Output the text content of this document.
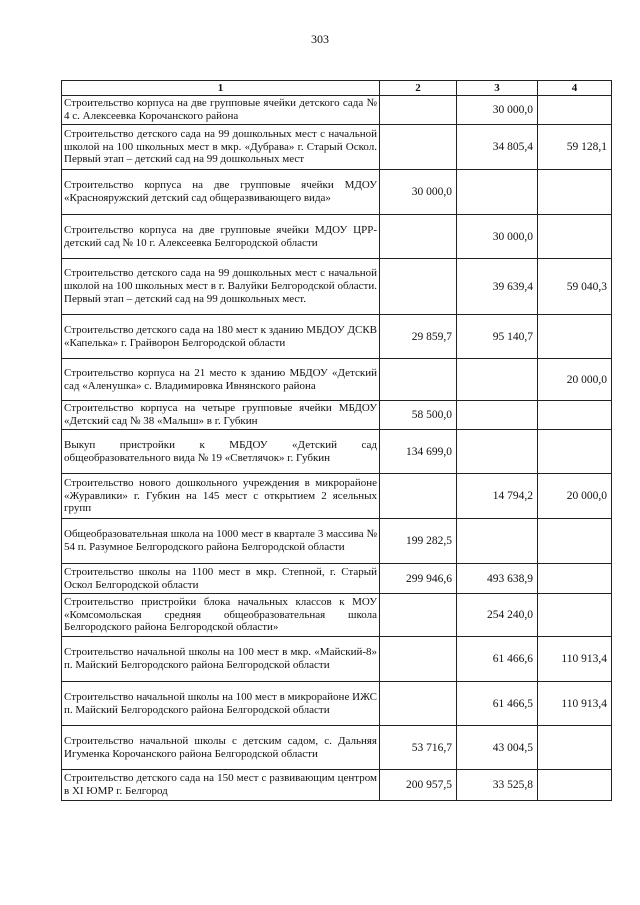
303
1	2	3	4
Строительство корпуса на две групповые ячейки детского сада № 4 с. Алексеевка Корочанского района		30 000,0	
Строительство детского сада на 99 дошкольных мест с начальной школой на 100 школьных мест в мкр. «Дубрава» г. Старый Оскол. Первый этап – детский сад на 99 дошкольных мест		34 805,4	59 128,1
Строительство корпуса на две групповые ячейки МДОУ «Краснояружский детский сад общеразвивающего вида»	30 000,0		
Строительство корпуса на две групповые ячейки МДОУ ЦРР-детский сад № 10 г. Алексеевка Белгородской области		30 000,0	
Строительство детского сада на 99 дошкольных мест с начальной школой на 100 школьных мест в г. Валуйки Белгородской области. Первый этап – детский сад на 99 дошкольных мест.		39 639,4	59 040,3
Строительство детского сада на 180 мест к зданию МБДОУ ДСКВ «Капелька» г. Грайворон Белгородской области	29 859,7	95 140,7	
Строительство корпуса на 21 место к зданию МБДОУ «Детский сад «Аленушка» с. Владимировка Ивнянского района			20 000,0
Строительство корпуса на четыре групповые ячейки МБДОУ «Детский сад № 38 «Малыш» в г. Губкин	58 500,0		
Выкуп пристройки к МБДОУ «Детский сад общеобразовательного вида № 19 «Светлячок» г. Губкин	134 699,0		
Строительство нового дошкольного учреждения в микрорайоне «Журавлики» г. Губкин на 145 мест с открытием 2 ясельных групп		14 794,2	20 000,0
Общеобразовательная школа на 1000 мест в квартале 3 массива № 54 п. Разумное Белгородского района Белгородской области	199 282,5		
Строительство школы на 1100 мест в мкр. Степной, г. Старый Оскол Белгородской области	299 946,6	493 638,9	
Строительство пристройки блока начальных классов к МОУ «Комсомольская средняя общеобразовательная школа Белгородского района Белгородской области»		254 240,0	
Строительство начальной школы на 100 мест в мкр. «Майский-8» п. Майский Белгородского района Белгородской области		61 466,6	110 913,4
Строительство начальной школы на 100 мест в микрорайоне ИЖС п. Майский Белгородского района Белгородской области		61 466,5	110 913,4
Строительство начальной школы с детским садом, с. Дальняя Игуменка Корочанского района Белгородской области	53 716,7	43 004,5	
Строительство детского сада на 150 мест с развивающим центром в XI ЮМР г. Белгород	200 957,5	33 525,8	
